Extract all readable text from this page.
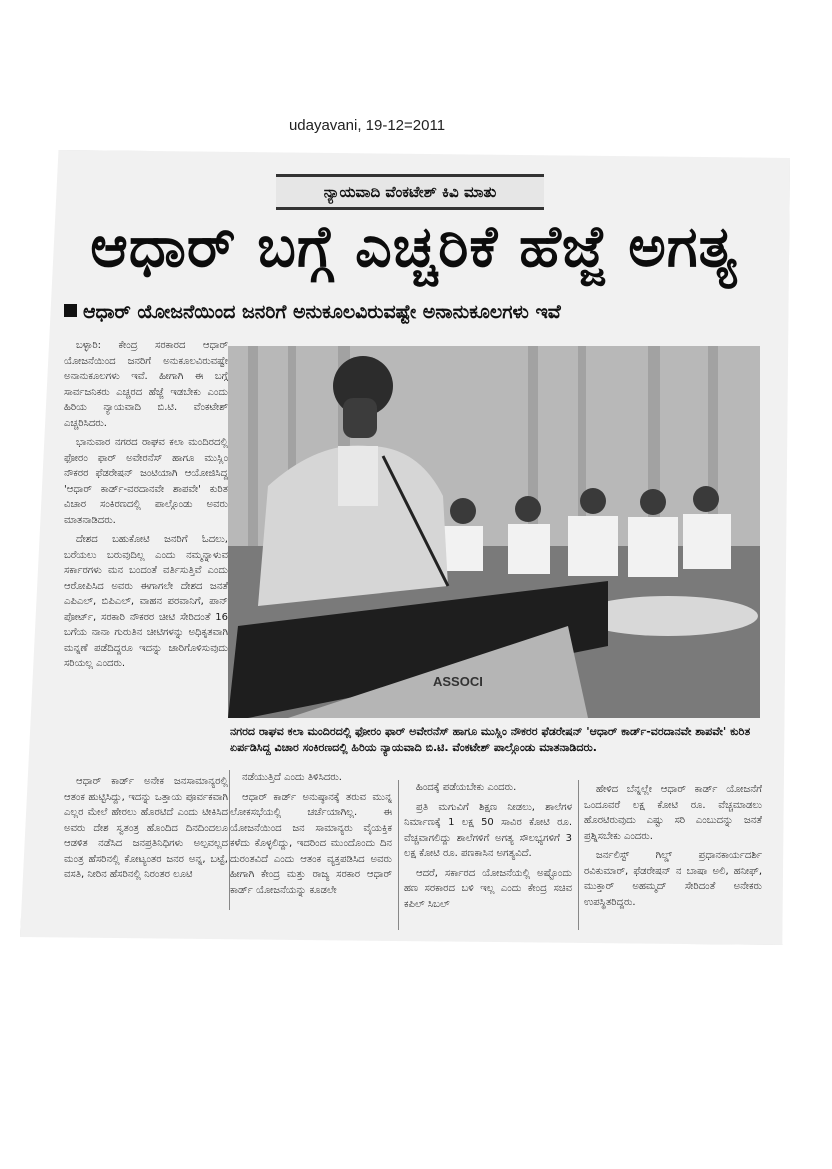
udayavani, 19-12=2011
ನ್ಯಾಯವಾದಿ ವೆಂಕಟೇಶ್ ಕಿವಿ ಮಾತು
ಆಧಾರ್ ಬಗ್ಗೆ ಎಚ್ಚರಿಕೆ ಹೆಜ್ಜೆ ಅಗತ್ಯ
ಆಧಾರ್ ಯೋಜನೆಯಿಂದ ಜನರಿಗೆ ಅನುಕೂಲವಿರುವಷ್ಟೇ ಅನಾನುಕೂಲಗಳು ಇವೆ

ಬಳ್ಳಾರಿ: ಕೇಂದ್ರ ಸರಕಾರದ ಆಧಾರ್ ಯೋಜನೆಯಿಂದ ಜನರಿಗೆ ಅನುಕೂಲವಿರುವಷ್ಟೇ ಅನಾನುಕೂಲಗಳು ಇವೆ. ಹೀಗಾಗಿ ಈ ಬಗ್ಗೆ ಸಾರ್ವಜನಿಕರು ಎಚ್ಚರದ ಹೆಜ್ಜೆ ಇಡಬೇಕು ಎಂದು ಹಿರಿಯ ನ್ಯಾಯವಾದಿ ಬಿ.ಟಿ. ವೆಂಕಟೇಶ್ ಎಚ್ಚರಿಸಿದರು.

ಭಾನುವಾರ ನಗರದ ರಾಘವ ಕಲಾ ಮಂದಿರದಲ್ಲಿ ಫೋರಂ ಫಾರ್ ಅವೇರನೆಸ್ ಹಾಗೂ ಮುಸ್ಲಿಂ ನೌಕರರ ಫೆಡರೇಷನ್ ಜಂಟಿಯಾಗಿ ಆಯೋಜಿಸಿದ್ದ 'ಆಧಾರ್ ಕಾರ್ಡ್-ವರದಾನವೇ ಶಾಪವೇ' ಕುರಿತ ವಿಚಾರ ಸಂಕಿರಣದಲ್ಲಿ ಪಾಲ್ಗೊಂಡು ಅವರು ಮಾತನಾಡಿದರು.

ದೇಶದ ಬಹುಕೋಟಿ ಜನರಿಗೆ ಓದಲು, ಬರೆಯಲು ಬರುವುದಿಲ್ಲ ಎಂದು ನಮ್ಮನ್ನಾಳುವ ಸರ್ಕಾರಗಳು ಮನ ಬಂದಂತೆ ವರ್ತಿಸುತ್ತಿವೆ ಎಂದು ಆರೋಪಿಸಿದ ಅವರು ಈಗಾಗಲೇ ದೇಶದ ಜನತೆ ಎಪಿಎಲ್, ಬಿಪಿಎಲ್, ವಾಹನ ಪರವಾನಿಗೆ, ಪಾನ್ ಪೋರ್ಟ್, ಸರಕಾರಿ ನೌಕರರ ಚೀಟಿ ಸೇರಿದಂತೆ 16 ಬಗೆಯ ನಾನಾ ಗುರುತಿನ ಚೀಟಿಗಳನ್ನು ಅಧಿಕೃತವಾಗಿ ಮನ್ನಣೆ ಪಡೆದಿದ್ದರೂ ಇದನ್ನು ಜಾರಿಗೊಳಿಸುವುದು ಸರಿಯಲ್ಲ ಎಂದರು.

ಆಧಾರ್ ಕಾರ್ಡ್ ಅನೇಕ ಜನಸಾಮಾನ್ಯರಲ್ಲಿ ಆತಂಕ ಹುಟ್ಟಿಸಿದ್ದು, ಇದನ್ನು ಒತ್ತಾಯ ಪೂರ್ವಕವಾಗಿ ಎಲ್ಲರ ಮೇಲೆ ಹೇರಲು ಹೊರಟಿದೆ ಎಂದು ಟೀಕಿಸಿದ ಅವರು ದೇಶ ಸ್ವತಂತ್ರ ಹೊಂದಿದ ದಿನದಿಂದಲೂ ಆಡಳಿತ ನಡೆಸಿದ ಜನಪ್ರತಿನಿಧಿಗಳು ಅಲ್ಪವಲ್ಲದ ಮಂತ್ರ ಹೆಸರಿನಲ್ಲಿ ಕೋಟ್ಯಂತರ ಜನರ ಅನ್ನ, ಬಟ್ಟೆ, ವಸತಿ, ನೀರಿನ ಹೆಸರಿನಲ್ಲಿ ನಿರಂತರ ಲೂಟಿ

ASSOCI
ನಗರದ ರಾಘವ ಕಲಾ ಮಂದಿರದಲ್ಲಿ ಫೋರಂ ಫಾರ್ ಅವೇರನೆಸ್ ಹಾಗೂ ಮುಸ್ಲಿಂ ನೌಕರರ ಫೆಡರೇಷನ್ 'ಆಧಾರ್ ಕಾರ್ಡ್-ವರದಾನವೇ ಶಾಪವೇ' ಕುರಿತ ಏರ್ಪಡಿಸಿದ್ದ ವಿಚಾರ ಸಂಕಿರಣದಲ್ಲಿ ಹಿರಿಯ ನ್ಯಾಯವಾದಿ ಬಿ.ಟಿ. ವೆಂಕಟೇಶ್ ಪಾಲ್ಗೊಂಡು ಮಾತನಾಡಿದರು.

ನಡೆಯುತ್ತಿದೆ ಎಂದು ತಿಳಿಸಿದರು.

ಆಧಾರ್ ಕಾರ್ಡ್ ಅನುಷ್ಠಾನಕ್ಕೆ ತರುವ ಮುನ್ನ ಲೋಕಸಭೆಯಲ್ಲಿ ಚರ್ಚೆಯಾಗಿಲ್ಲ. ಈ ಯೋಜನೆಯಿಂದ ಜನ ಸಾಮಾನ್ಯರು ವೈಯಕ್ತಿಕ ಕಳೆದು ಕೊಳ್ಳಲಿದ್ದು, ಇದರಿಂದ ಮುಂದೊಂದು ದಿನ ದುರಂತವಿದೆ ಎಂದು ಆತಂಕ ವ್ಯಕ್ತಪಡಿಸಿದ ಅವರು ಹೀಗಾಗಿ ಕೇಂದ್ರ ಮತ್ತು ರಾಜ್ಯ ಸರಕಾರ ಆಧಾರ್ ಕಾರ್ಡ್ ಯೋಜನೆಯನ್ನು ಕೂಡಲೇ

ಹಿಂದಕ್ಕೆ ಪಡೆಯಬೇಕು ಎಂದರು.

ಪ್ರತಿ ಮಗುವಿಗೆ ಶಿಕ್ಷಣ ನೀಡಲು, ಶಾಲೆಗಳ ನಿರ್ಮಾಣಕ್ಕೆ 1 ಲಕ್ಷ 50 ಸಾವಿರ ಕೋಟಿ ರೂ. ವೆಚ್ಚವಾಗಲಿದ್ದು ಶಾಲೆಗಳಿಗೆ ಅಗತ್ಯ ಸೌಲಭ್ಯಗಳಿಗೆ 3 ಲಕ್ಷ ಕೋಟಿ ರೂ. ಪಣಕಾಸಿನ ಅಗತ್ಯವಿದೆ.

ಆದರೆ, ಸರ್ಕಾರದ ಯೋಜನೆಯಲ್ಲಿ ಅಷ್ಟೊಂದು ಹಣ ಸರಕಾರದ ಬಳಿ ಇಲ್ಲ ಎಂದು ಕೇಂದ್ರ ಸಚಿವ ಕಪಿಲ್ ಸಿಬಲ್

ಹೇಳಿದ ಬೆನ್ನಲ್ಲೇ ಆಧಾರ್ ಕಾರ್ಡ್ ಯೋಜನೆಗೆ ಒಂದೂವರೆ ಲಕ್ಷ ಕೋಟಿ ರೂ. ವೆಚ್ಚಮಾಡಲು ಹೊರಟಿರುವುದು ಎಷ್ಟು ಸರಿ ಎಂಬುದನ್ನು ಜನತೆ ಪ್ರಶ್ನಿಸಬೇಕು ಎಂದರು.

ಜರ್ನಲಿಸ್ಟ್ ಗಿಲ್ಡ್ ಪ್ರಧಾನಕಾರ್ಯದರ್ಶಿ ರವಿಕುಮಾರ್, ಫೆಡರೇಷನ್ ನ ಬಾಷಾ ಅಲಿ, ಹನೀಫ್, ಮುಕ್ತಾರ್ ಅಹಮ್ಮದ್ ಸೇರಿದಂತೆ ಅನೇಕರು ಉಪಸ್ಥಿತರಿದ್ದರು.
